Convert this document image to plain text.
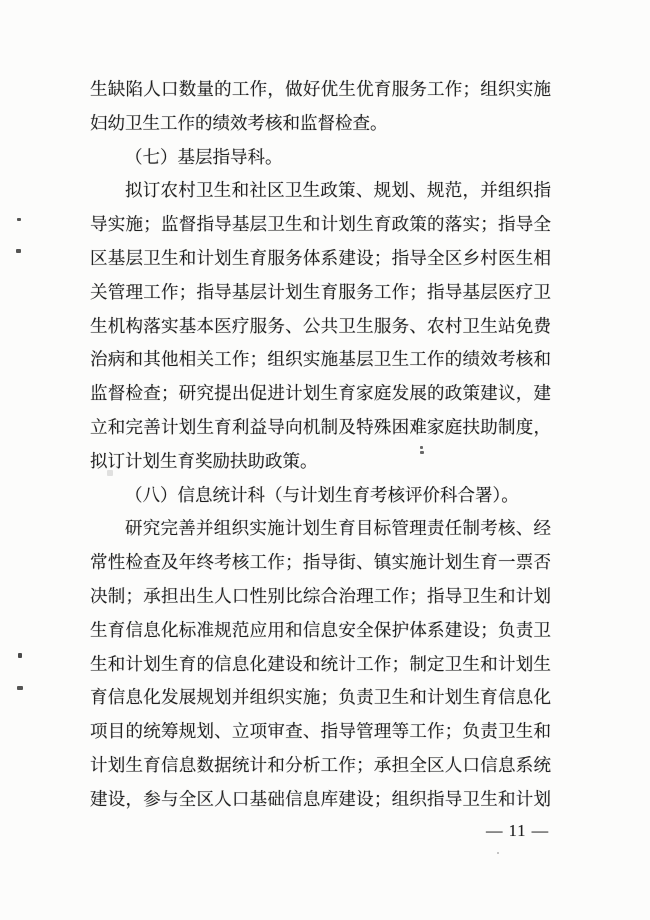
生缺陷人口数量的工作，做好优生优育服务工作；组织实施
妇幼卫生工作的绩效考核和监督检查。
（七）基层指导科。
拟订农村卫生和社区卫生政策、规划、规范，并组织指
导实施；监督指导基层卫生和计划生育政策的落实；指导全
区基层卫生和计划生育服务体系建设；指导全区乡村医生相
关管理工作；指导基层计划生育服务工作；指导基层医疗卫
生机构落实基本医疗服务、公共卫生服务、农村卫生站免费
治病和其他相关工作；组织实施基层卫生工作的绩效考核和
监督检查；研究提出促进计划生育家庭发展的政策建议，建
立和完善计划生育利益导向机制及特殊困难家庭扶助制度，
拟订计划生育奖励扶助政策。
（八）信息统计科（与计划生育考核评价科合署）。
研究完善并组织实施计划生育目标管理责任制考核、经
常性检查及年终考核工作；指导街、镇实施计划生育一票否
决制；承担出生人口性别比综合治理工作；指导卫生和计划
生育信息化标准规范应用和信息安全保护体系建设；负责卫
生和计划生育的信息化建设和统计工作；制定卫生和计划生
育信息化发展规划并组织实施；负责卫生和计划生育信息化
项目的统筹规划、立项审查、指导管理等工作；负责卫生和
计划生育信息数据统计和分析工作；承担全区人口信息系统
建设，参与全区人口基础信息库建设；组织指导卫生和计划
— 11 —
